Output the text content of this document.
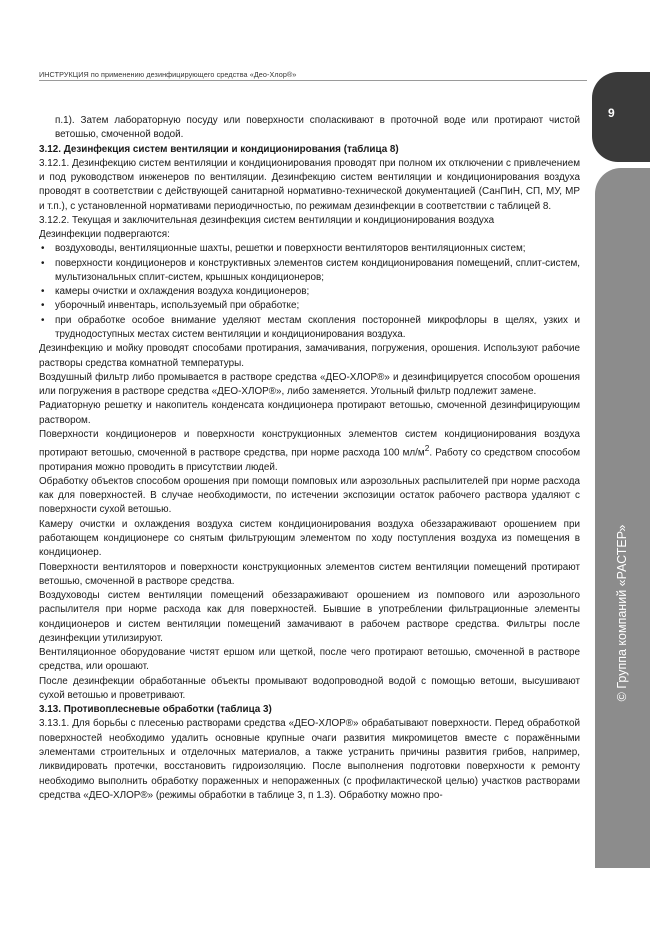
ИНСТРУКЦИЯ по применению дезинфицирующего средства «Део-Хлор®»
9
© Группа компаний «РАСТЕР»

п.1). Затем лабораторную посуду или поверхности споласкивают в проточной воде или протирают чистой ветошью, смоченной водой.

3.12. Дезинфекция систем вентиляции и кондиционирования (таблица 8)

3.12.1. Дезинфекцию систем вентиляции и кондиционирования проводят при полном их отключении с привлечением и под руководством инженеров по вентиляции. Дезинфекцию систем вентиляции и кондиционирования воздуха проводят в соответствии с действующей санитарной нормативно-технической документацией (СанПиН, СП, МУ, МР и т.п.), с установленной нормативами периодичностью, по режимам дезинфекции в соответствии с таблицей 8.

3.12.2. Текущая и заключительная дезинфекция систем вентиляции и кондиционирования воздуха

Дезинфекции подвергаются:

• воздуховоды, вентиляционные шахты, решетки и поверхности вентиляторов вентиляционных систем;
• поверхности кондиционеров и конструктивных элементов систем кондиционирования помещений, сплит-систем, мультизональных сплит-систем, крышных кондиционеров;
• камеры очистки и охлаждения воздуха кондиционеров;
• уборочный инвентарь, используемый при обработке;
• при обработке особое внимание уделяют местам скопления посторонней микрофлоры в щелях, узких и труднодоступных местах систем вентиляции и кондиционирования воздуха.

Дезинфекцию и мойку проводят способами протирания, замачивания, погружения, орошения. Используют рабочие растворы средства комнатной температуры.

Воздушный фильтр либо промывается в растворе средства «ДЕО-ХЛОР®» и дезинфицируется способом орошения или погружения в растворе средства «ДЕО-ХЛОР®», либо заменяется. Угольный фильтр подлежит замене.

Радиаторную решетку и накопитель конденсата кондиционера протирают ветошью, смоченной дезинфицирующим раствором.

Поверхности кондиционеров и поверхности конструкционных элементов систем кондиционирования воздуха протирают ветошью, смоченной в растворе средства, при норме расхода 100 $мл/м^2$. Работу со средством способом протирания можно проводить в присутствии людей.

Обработку объектов способом орошения при помощи помповых или аэрозольных распылителей при норме расхода как для поверхностей. В случае необходимости, по истечении экспозиции остаток рабочего раствора удаляют с поверхности сухой ветошью.

Камеру очистки и охлаждения воздуха систем кондиционирования воздуха обеззараживают орошением при работающем кондиционере со снятым фильтрующим элементом по ходу поступления воздуха из помещения в кондиционер.

Поверхности вентиляторов и поверхности конструкционных элементов систем вентиляции помещений протирают ветошью, смоченной в растворе средства.

Воздуховоды систем вентиляции помещений обеззараживают орошением из помпового или аэрозольного распылителя при норме расхода как для поверхностей. Бывшие в употреблении фильтрационные элементы кондиционеров и систем вентиляции помещений замачивают в рабочем растворе средства. Фильтры после дезинфекции утилизируют.

Вентиляционное оборудование чистят ершом или щеткой, после чего протирают ветошью, смоченной в растворе средства, или орошают.

После дезинфекции обработанные объекты промывают водопроводной водой с помощью ветоши, высушивают сухой ветошью и проветривают.

3.13. Противоплесневые обработки (таблица 3)

3.13.1. Для борьбы с плесенью растворами средства «ДЕО-ХЛОР®» обрабатывают поверхности. Перед обработкой поверхностей необходимо удалить основные крупные очаги развития микромицетов вместе с поражёнными элементами строительных и отделочных материалов, а также устранить причины развития грибов, например, ликвидировать протечки, восстановить гидроизоляцию. После выполнения подготовки поверхности к ремонту необходимо выполнить обработку пораженных и непораженных (с профилактической целью) участков растворами средства «ДЕО-ХЛОР®» (режимы обработки в таблице 3, п 1.3). Обработку можно про-
